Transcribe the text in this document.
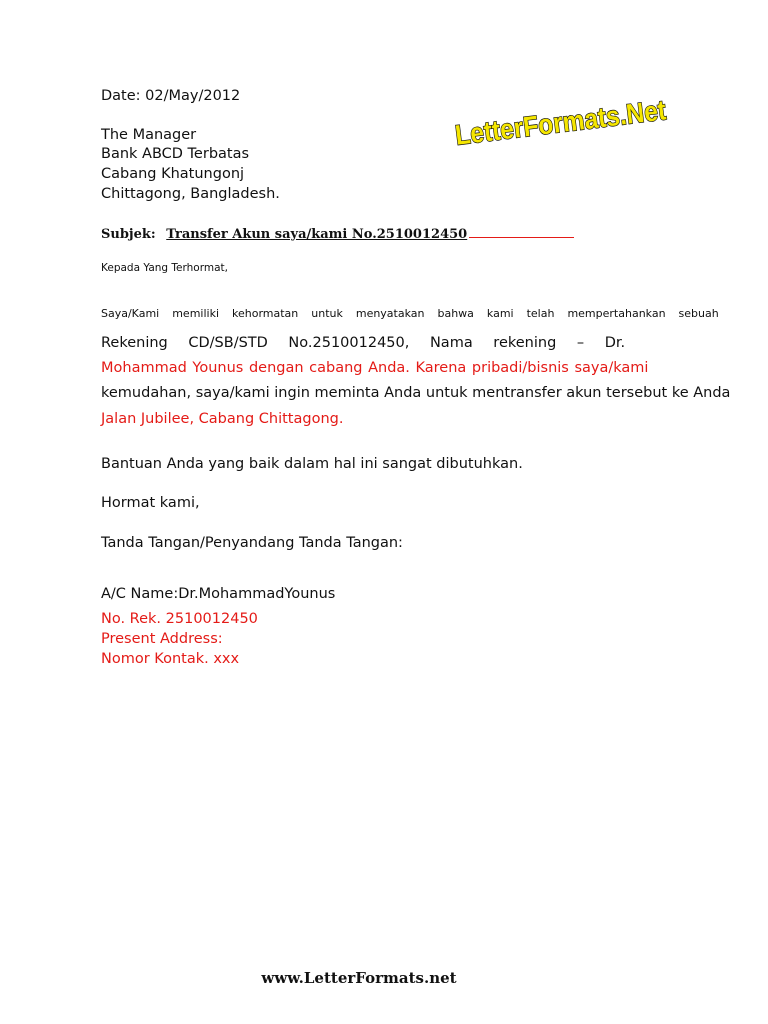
Date: 02/May/2012	LetterFormats.Net
The Manager
Bank ABCD Terbatas
Cabang Khatungonj
Chittagong, Bangladesh.
Subjek: Transfer Akun saya/kami No.2510012450
Kepada Yang Terhormat,
Saya/Kami memiliki kehormatan untuk menyatakan bahwa kami telah mempertahankan sebuah
Rekening CD/SB/STD No.2510012450, Nama rekening – Dr.
Mohammad Younus dengan cabang Anda. Karena pribadi/bisnis saya/kami
kemudahan, saya/kami ingin meminta Anda untuk mentransfer akun tersebut ke Anda
Jalan Jubilee, Cabang Chittagong.
Bantuan Anda yang baik dalam hal ini sangat dibutuhkan.
Hormat kami,
Tanda Tangan/Penyandang Tanda Tangan:
A/C Name:Dr.MohammadYounus
No. Rek. 2510012450
Present Address:
Nomor Kontak. xxx
www.LetterFormats.net
